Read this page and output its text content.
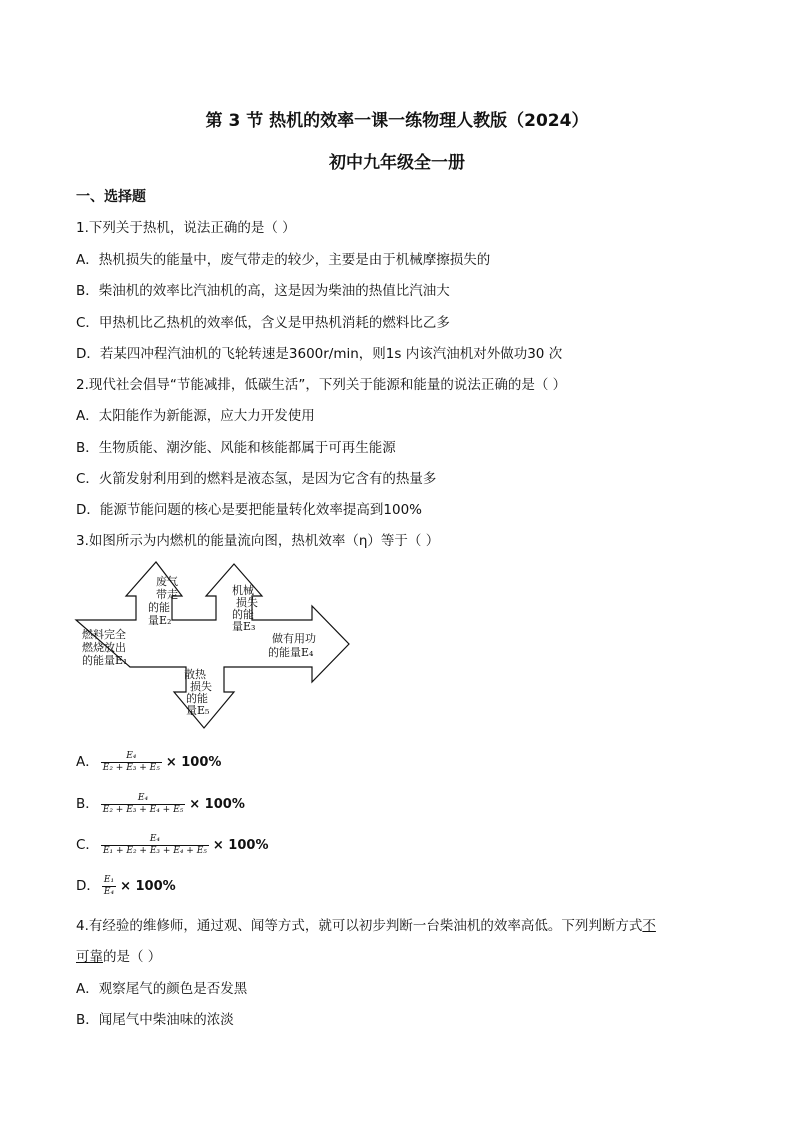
第 3 节 热机的效率一课一练物理人教版（2024）
初中九年级全一册
一、选择题
1.下列关于热机，说法正确的是（ ）
A．热机损失的能量中，废气带走的较少，主要是由于机械摩擦损失的
B．柴油机的效率比汽油机的高，这是因为柴油的热值比汽油大
C．甲热机比乙热机的效率低，含义是甲热机消耗的燃料比乙多
D．若某四冲程汽油机的飞轮转速是3600r/min，则1s 内该汽油机对外做功30 次
2.现代社会倡导“节能减排，低碳生活”，下列关于能源和能量的说法正确的是（ ）
A．太阳能作为新能源，应大力开发使用
B．生物质能、潮汐能、风能和核能都属于可再生能源
C．火箭发射利用到的燃料是液态氢，是因为它含有的热量多
D．能源节能问题的核心是要把能量转化效率提高到100%
3.如图所示为内燃机的能量流向图，热机效率（η）等于（ ）
燃料完全
燃烧放出
的能量E₁
废气
带走
的能
量E₂
机械
损失
的能
量E₃
做有用功
的能量E₄
散热
损失
的能
量E₅
A． $\frac{\text{E₄}}{\text{E₂ + E₃ + E₅}} \times 100\%$
B． $\frac{\text{E₄}}{\text{E₂ + E₃ + E₄ + E₅}} \times 100\%$
C． $\frac{\text{E₄}}{\text{E₁ + E₂ + E₃ + E₄ + E₅}} \times 100\%$
D． $\frac{\text{E₁}}{\text{E₄}} \times 100\%$
4.有经验的维修师，通过观、闻等方式，就可以初步判断一台柴油机的效率高低。下列判断方式不
可靠的是（ ）
A．观察尾气的颜色是否发黑
B．闻尾气中柴油味的浓淡
